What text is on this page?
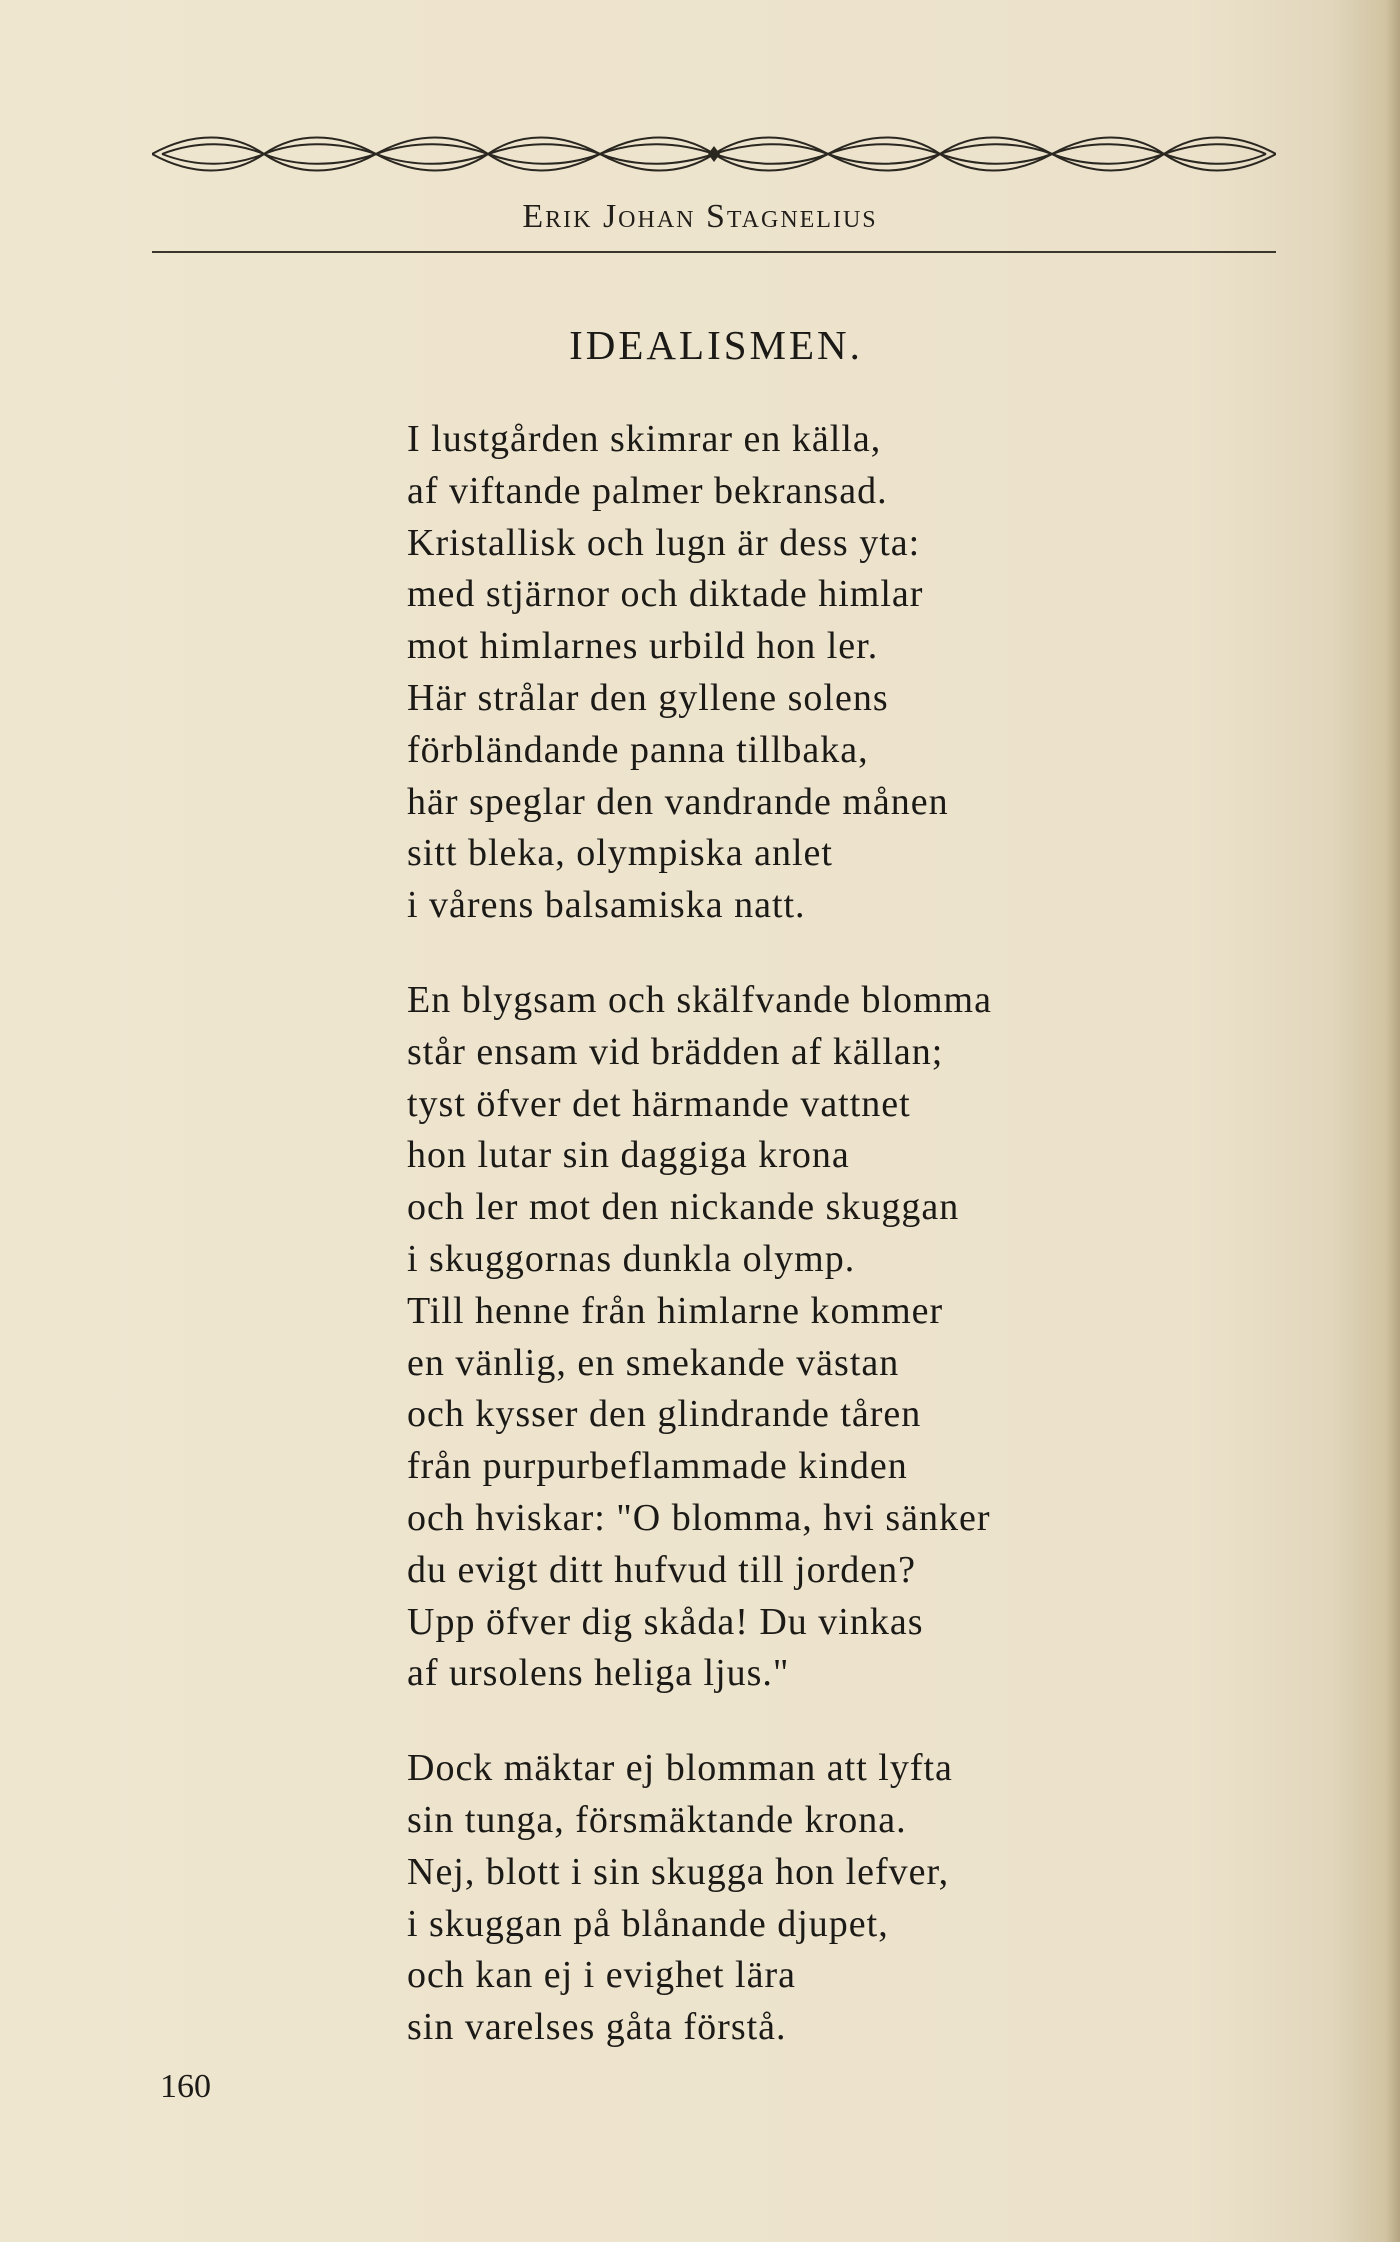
Erik Johan Stagnelius
IDEALISMEN.
I lustgården skimrar en källa,
af viftande palmer bekransad.
Kristallisk och lugn är dess yta:
med stjärnor och diktade himlar
mot himlarnes urbild hon ler.
Här strålar den gyllene solens
förbländande panna tillbaka,
här speglar den vandrande månen
sitt bleka, olympiska anlet
i vårens balsamiska natt.
En blygsam och skälfvande blomma
står ensam vid brädden af källan;
tyst öfver det härmande vattnet
hon lutar sin daggiga krona
och ler mot den nickande skuggan
i skuggornas dunkla olymp.
Till henne från himlarne kommer
en vänlig, en smekande västan
och kysser den glindrande tåren
från purpurbeflammade kinden
och hviskar: "O blomma, hvi sänker
du evigt ditt hufvud till jorden?
Upp öfver dig skåda! Du vinkas
af ursolens heliga ljus."
Dock mäktar ej blomman att lyfta
sin tunga, försmäktande krona.
Nej, blott i sin skugga hon lefver,
i skuggan på blånande djupet,
och kan ej i evighet lära
sin varelses gåta förstå.
160
